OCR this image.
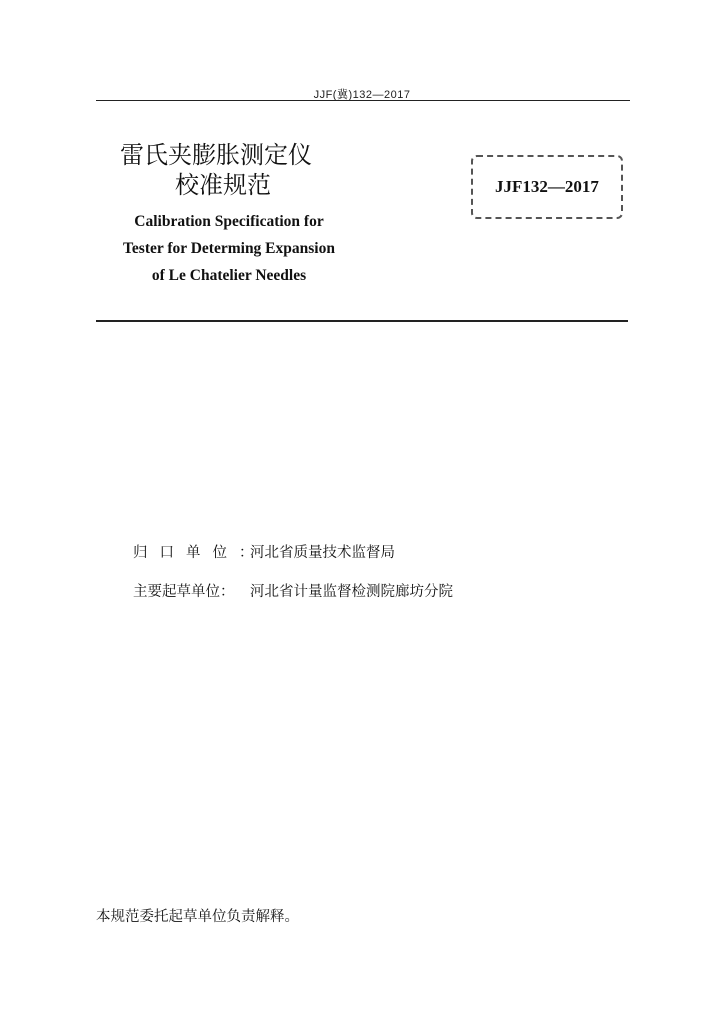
JJF(冀)132—2017
雷氏夹膨胀测定仪
校准规范
Calibration Specification for
Tester for Determing Expansion
of Le Chatelier Needles
JJF132—2017
归口单位：河北省质量技术监督局
主要起草单位： 河北省计量监督检测院廊坊分院
本规范委托起草单位负责解释。
